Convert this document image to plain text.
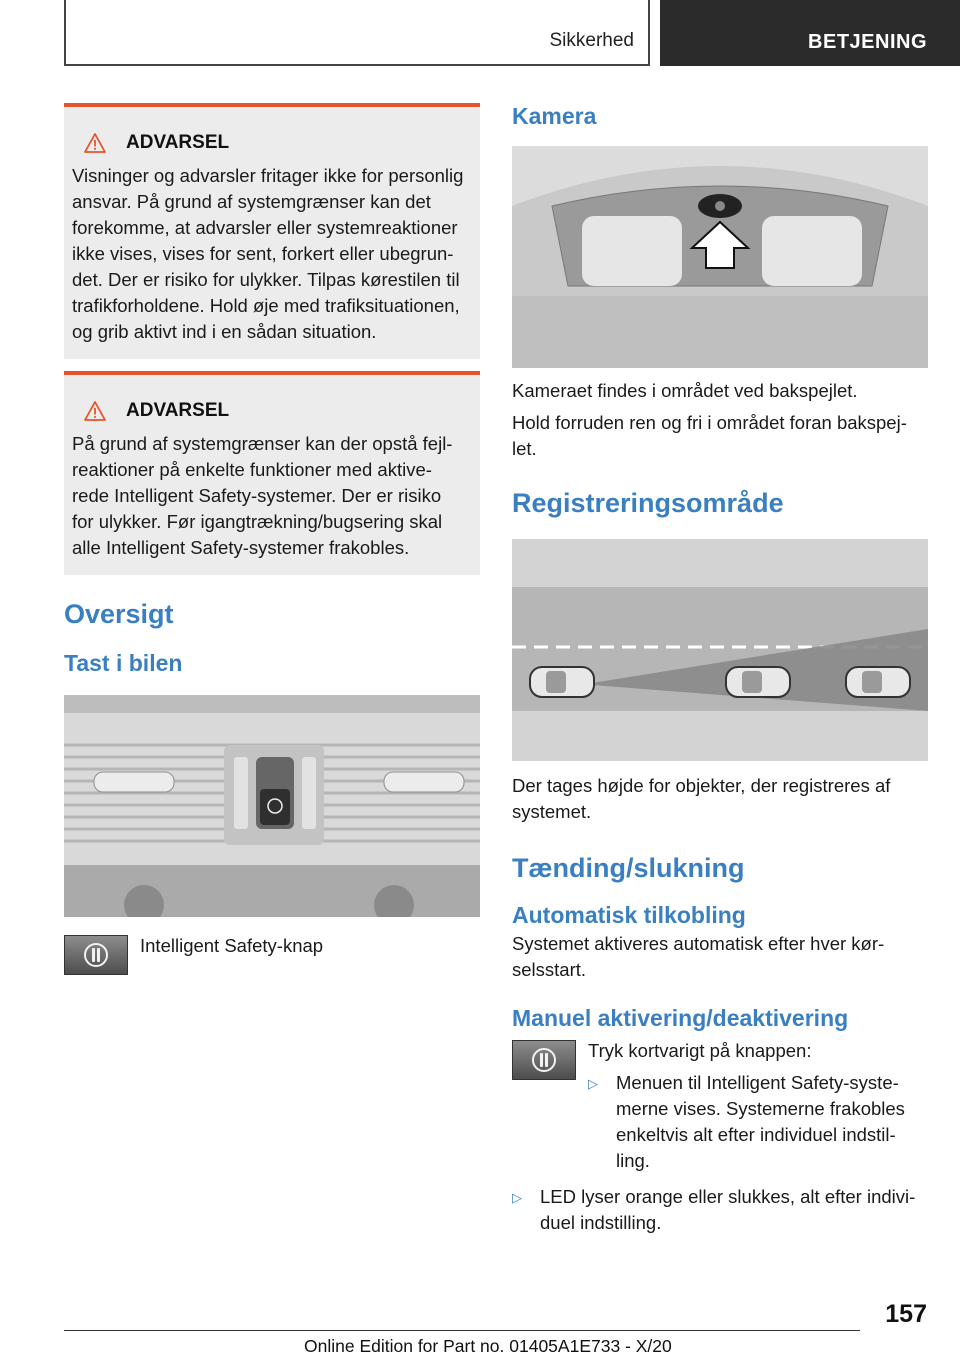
Sikkerhed	BETJENING
ADVARSEL
Visninger og advarsler fritager ikke for personlig
ansvar. På grund af systemgrænser kan det
forekomme, at advarsler eller systemreaktioner
ikke vises, vises for sent, forkert eller ubegrun‐
det. Der er risiko for ulykker. Tilpas kørestilen til
trafikforholdene. Hold øje med trafiksituationen,
og grib aktivt ind i en sådan situation.
ADVARSEL
På grund af systemgrænser kan der opstå fejl‐
reaktioner på enkelte funktioner med aktive‐
rede Intelligent Safety-systemer. Der er risiko
for ulykker. Før igangtrækning/bugsering skal
alle Intelligent Safety-systemer frakobles.
Oversigt
Tast i bilen
Intelligent Safety-knap
Kamera

Kameraet findes i området ved bakspejlet.

Hold forruden ren og fri i området foran bakspej‐
let.

Registreringsområde

Der tages højde for objekter, der registreres af
systemet.

Tænding/slukning
Automatisk tilkobling

Systemet aktiveres automatisk efter hver kør‐
selsstart.

Manuel aktivering/deaktivering

Tryk kortvarigt på knappen:

▷ Menuen til Intelligent Safety-syste‐
merne vises. Systemerne frakobles
enkeltvis alt efter individuel indstil‐
ling.
▷ LED lyser orange eller slukkes, alt efter indivi‐
duel indstilling.
157
Online Edition for Part no. 01405A1E733 - X/20
